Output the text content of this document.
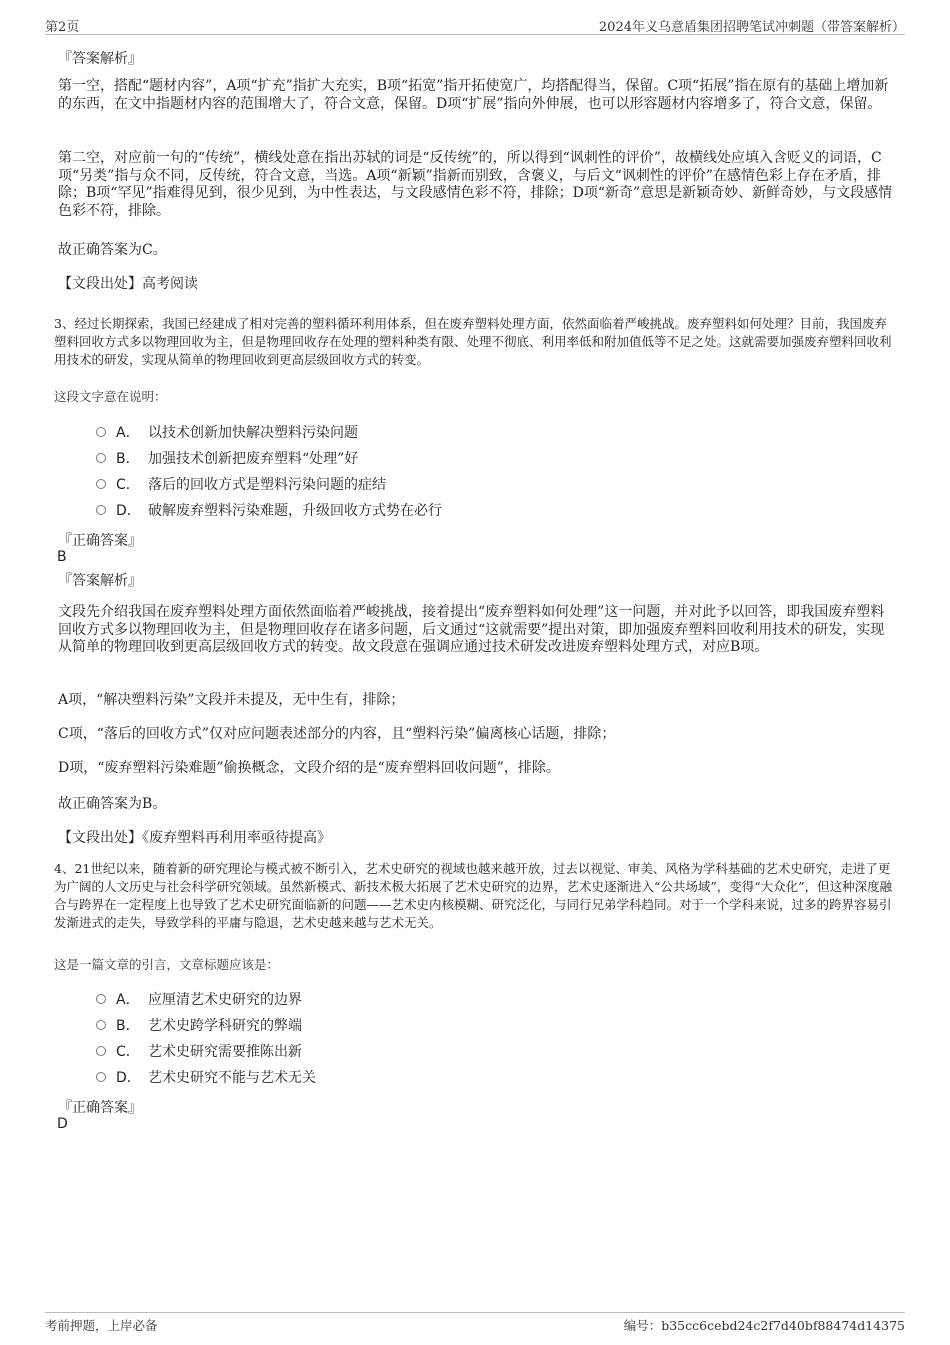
第2页	2024年义乌意盾集团招聘笔试冲刺题（带答案解析）

『答案解析』

第一空，搭配“题材内容”，A项“扩充”指扩大充实，B项“拓宽”指开拓使宽广，均搭配得当，保留。C项“拓展”指在原有的基础上增加新的东西，在文中指题材内容的范围增大了，符合文意，保留。D项“扩展”指向外伸展，也可以形容题材内容增多了，符合文意，保留。

第二空，对应前一句的“传统”，横线处意在指出苏轼的词是“反传统”的，所以得到“讽刺性的评价”，故横线处应填入含贬义的词语，C项“另类”指与众不同，反传统，符合文意，当选。A项“新颖”指新而别致，含褒义，与后文“讽刺性的评价”在感情色彩上存在矛盾，排除；B项“罕见”指难得见到，很少见到，为中性表达，与文段感情色彩不符，排除；D项“新奇”意思是新颖奇妙、新鲜奇妙，与文段感情色彩不符，排除。

故正确答案为C。

【文段出处】高考阅读

3、经过长期探索，我国已经建成了相对完善的塑料循环利用体系，但在废弃塑料处理方面，依然面临着严峻挑战。废弃塑料如何处理？目前，我国废弃塑料回收方式多以物理回收为主，但是物理回收存在处理的塑料种类有限、处理不彻底、利用率低和附加值低等不足之处。这就需要加强废弃塑料回收利用技术的研发，实现从简单的物理回收到更高层级回收方式的转变。

这段文字意在说明：

A． 以技术创新加快解决塑料污染问题
B． 加强技术创新把废弃塑料“处理”好
C． 落后的回收方式是塑料污染问题的症结
D． 破解废弃塑料污染难题，升级回收方式势在必行

『正确答案』

B

『答案解析』

文段先介绍我国在废弃塑料处理方面依然面临着严峻挑战，接着提出“废弃塑料如何处理”这一问题，并对此予以回答，即我国废弃塑料回收方式多以物理回收为主，但是物理回收存在诸多问题，后文通过“这就需要”提出对策，即加强废弃塑料回收利用技术的研发，实现从简单的物理回收到更高层级回收方式的转变。故文段意在强调应通过技术研发改进废弃塑料处理方式，对应B项。

A项，“解决塑料污染”文段并未提及，无中生有，排除；

C项，“落后的回收方式”仅对应问题表述部分的内容，且“塑料污染”偏离核心话题，排除；

D项，“废弃塑料污染难题”偷换概念，文段介绍的是“废弃塑料回收问题”，排除。

故正确答案为B。

【文段出处】《废弃塑料再利用率亟待提高》

4、21世纪以来，随着新的研究理论与模式被不断引入，艺术史研究的视域也越来越开放，过去以视觉、审美、风格为学科基础的艺术史研究，走进了更为广阔的人文历史与社会科学研究领域。虽然新模式、新技术极大拓展了艺术史研究的边界，艺术史逐渐进入“公共场域”，变得“大众化”，但这种深度融合与跨界在一定程度上也导致了艺术史研究面临新的问题——艺术史内核模糊、研究泛化，与同行兄弟学科趋同。对于一个学科来说，过多的跨界容易引发渐进式的走失，导致学科的平庸与隐退，艺术史越来越与艺术无关。

这是一篇文章的引言，文章标题应该是：

A． 应厘清艺术史研究的边界
B． 艺术史跨学科研究的弊端
C． 艺术史研究需要推陈出新
D． 艺术史研究不能与艺术无关

『正确答案』

D

考前押题，上岸必备	编号：b35cc6cebd24c2f7d40bf88474d14375
